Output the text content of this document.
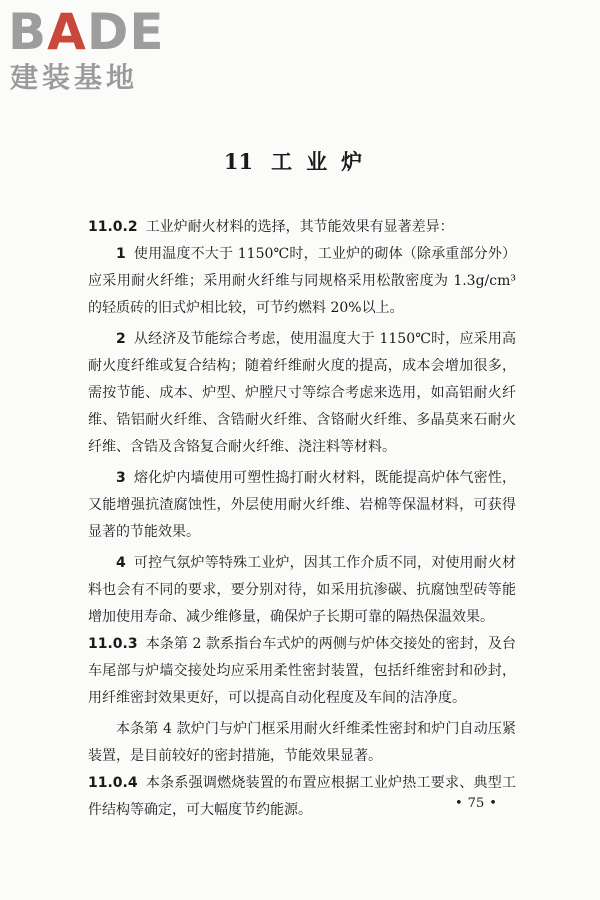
BADE
建装基地
11 工业炉

11.0.2 工业炉耐火材料的选择，其节能效果有显著差异：

1 使用温度不大于 1150℃时，工业炉的砌体（除承重部分外）应采用耐火纤维；采用耐火纤维与同规格采用松散密度为 1.3g/cm³的轻质砖的旧式炉相比较，可节约燃料 20%以上。

2 从经济及节能综合考虑，使用温度大于 1150℃时，应采用高耐火度纤维或复合结构；随着纤维耐火度的提高，成本会增加很多，需按节能、成本、炉型、炉膛尺寸等综合考虑来选用，如高铝耐火纤维、锆铝耐火纤维、含锆耐火纤维、含铬耐火纤维、多晶莫来石耐火纤维、含锆及含铬复合耐火纤维、浇注料等材料。

3 熔化炉内墙使用可塑性捣打耐火材料，既能提高炉体气密性，又能增强抗渣腐蚀性，外层使用耐火纤维、岩棉等保温材料，可获得显著的节能效果。

4 可控气氛炉等特殊工业炉，因其工作介质不同，对使用耐火材料也会有不同的要求，要分别对待，如采用抗渗碳、抗腐蚀型砖等能增加使用寿命、减少维修量，确保炉子长期可靠的隔热保温效果。

11.0.3 本条第 2 款系指台车式炉的两侧与炉体交接处的密封，及台车尾部与炉墙交接处均应采用柔性密封装置，包括纤维密封和砂封，用纤维密封效果更好，可以提高自动化程度及车间的洁净度。

本条第 4 款炉门与炉门框采用耐火纤维柔性密封和炉门自动压紧装置，是目前较好的密封措施，节能效果显著。

11.0.4 本条系强调燃烧装置的布置应根据工业炉热工要求、典型工件结构等确定，可大幅度节约能源。	• 75 •
